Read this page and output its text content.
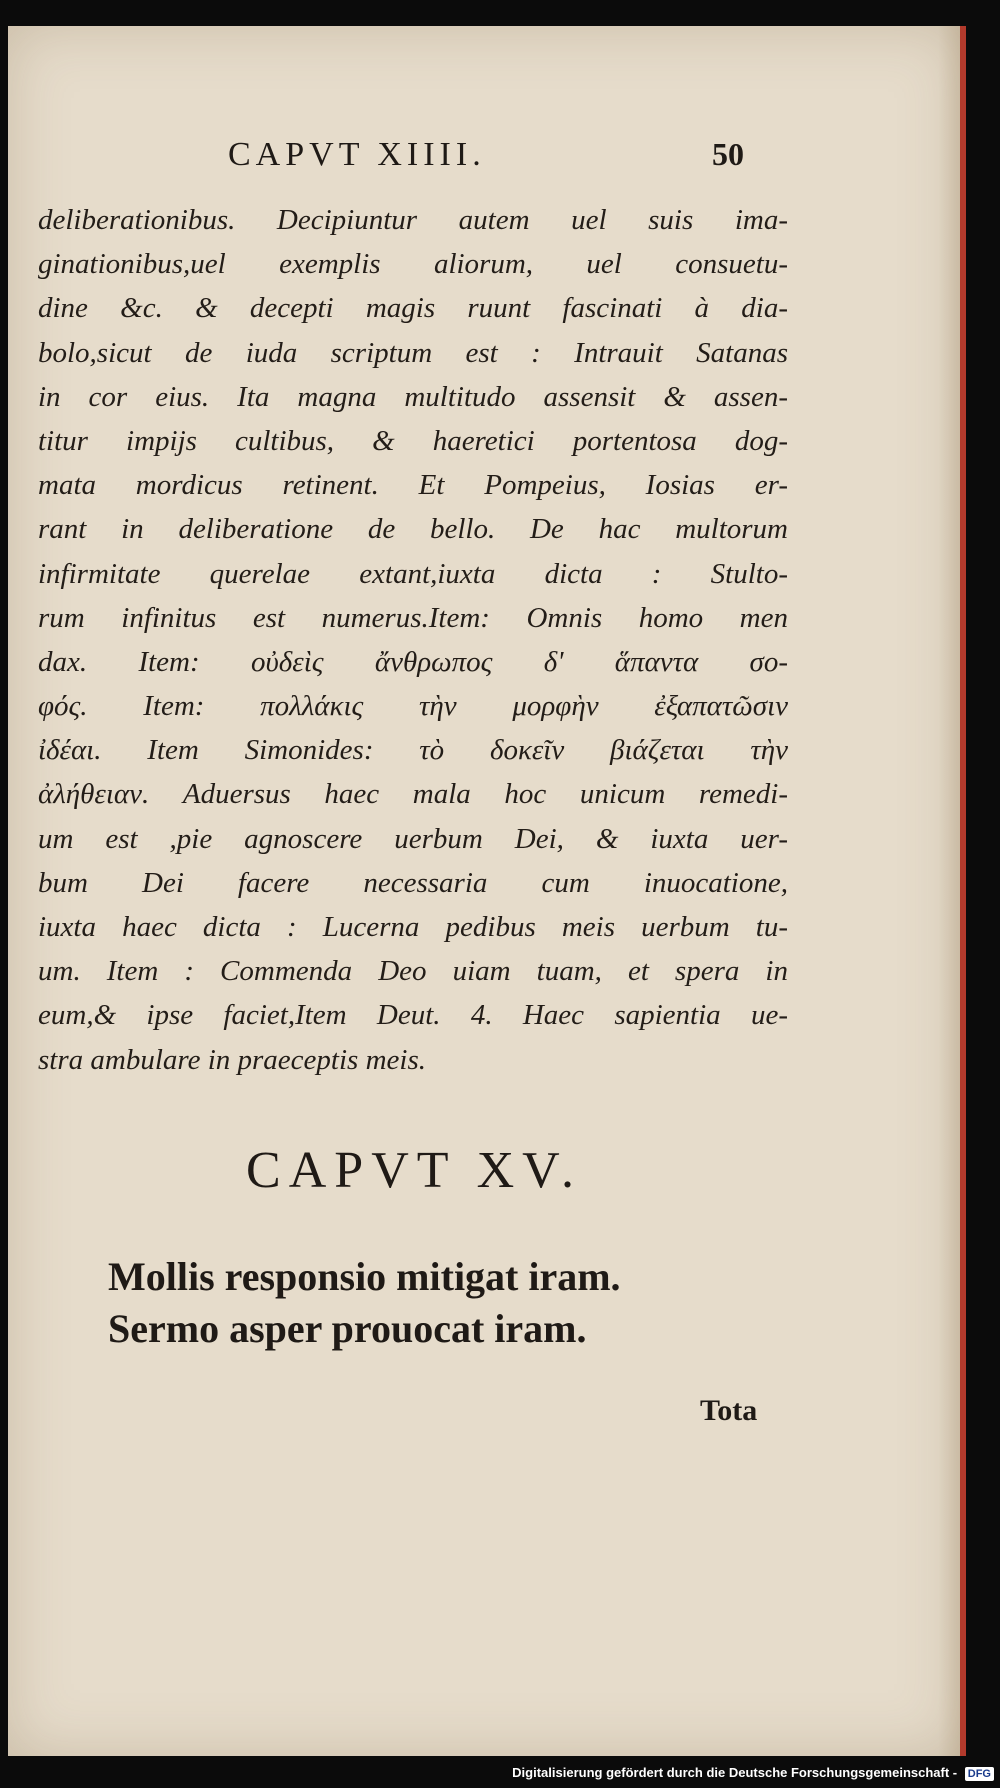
CAPVT XIIII.	50
deliberationibus. Decipiuntur autem uel suis ima-
ginationibus,uel exemplis aliorum, uel consuetu-
dine &c. & decepti magis ruunt fascinati à dia-
bolo,sicut de iuda scriptum est : Intrauit Satanas
in cor eius. Ita magna multitudo assensit & assen-
titur impijs cultibus, & haeretici portentosa dog-
mata mordicus retinent. Et Pompeius, Iosias er-
rant in deliberatione de bello. De hac multorum
infirmitate querelae extant,iuxta dicta : Stulto-
rum infinitus est numerus.Item: Omnis homo men
dax. Item: οὐδεὶς ἄνθρωπος δ' ἅπαντα σο-
φός. Item: πολλάκις τὴν μορφὴν ἐξαπατῶσιν
ἰδέαι. Item Simonides: τὸ δοκεῖν βιάζεται τὴν
ἀλήθειαν. Aduersus haec mala hoc unicum remedi-
um est ,pie agnoscere uerbum Dei, & iuxta uer-
bum Dei facere necessaria cum inuocatione,
iuxta haec dicta : Lucerna pedibus meis uerbum tu-
um. Item : Commenda Deo uiam tuam, et spera in
eum,& ipse faciet,Item Deut. 4. Haec sapientia ue-
stra ambulare in praeceptis meis.
CAPVT XV.
Mollis responsio mitigat iram.
Sermo asper prouocat iram.
Tota
Digitalisierung gefördert durch die Deutsche Forschungsgemeinschaft - DFG
